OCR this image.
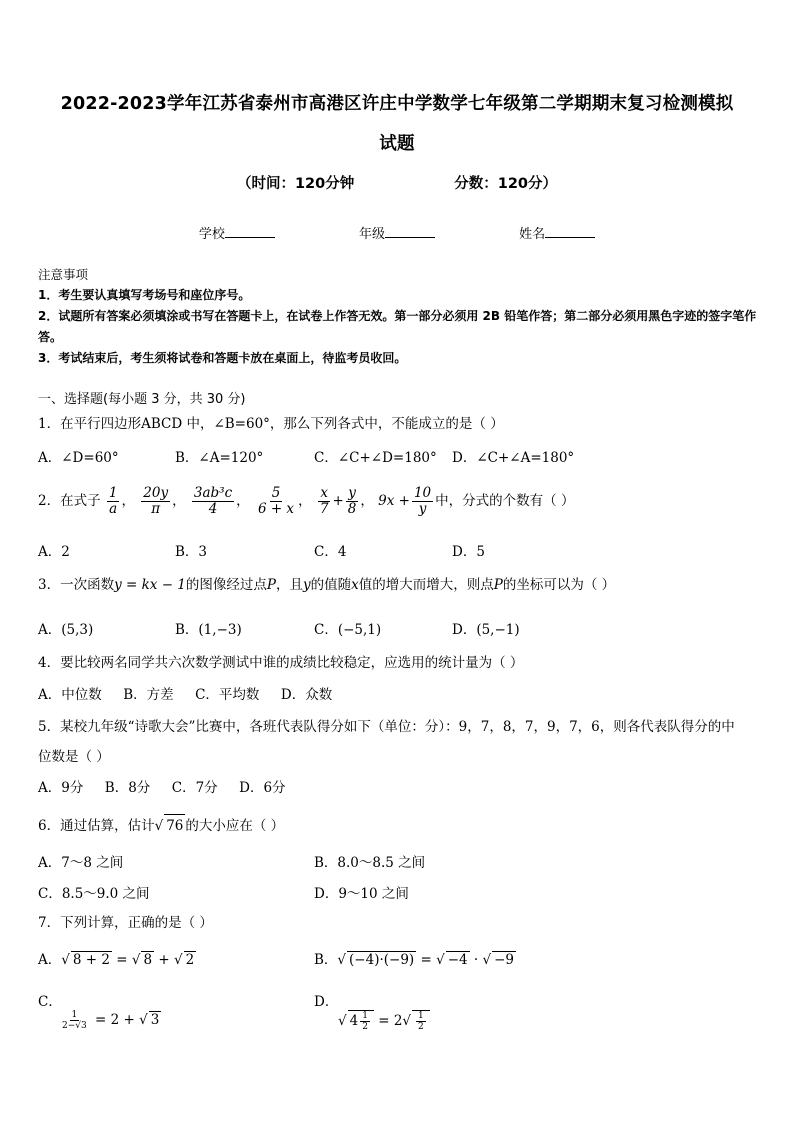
2022-2023学年江苏省泰州市高港区许庄中学数学七年级第二学期期末复习检测模拟
试题
（时间：120分钟	分数：120分）
学校	年级	姓名
注意事项
1．考生要认真填写考场号和座位序号。
2．试题所有答案必须填涂或书写在答题卡上，在试卷上作答无效。第一部分必须用 2B 铅笔作答；第二部分必须用黑色字迹的签字笔作答。
3．考试结束后，考生须将试卷和答题卡放在桌面上，待监考员收回。
一、选择题(每小题 3 分，共 30 分)
1．在平行四边形ABCD 中，∠B=60°，那么下列各式中，不能成立的是（ ）
A．∠D=60°	B．∠A=120°	C．∠C+∠D=180° D．∠C+∠A=180°
2．在式子 $\frac{1}{a}$ ， $\frac{20y}{\pi}$ ， $\frac{\text{3ab³c}}{4}$ ， $\frac{5}{6 + x}$ ， $\frac{x}{7} + \frac{y}{8}$ ， $9x + \frac{10}{y}$ 中，分式的个数有（ ）
A．2	B．3	C．4	D．5
3．一次函数y = kx − 1的图像经过点P，且y的值随x值的增大而增大，则点P的坐标可以为（ ）
A．(5,3)	B．(1,−3)	C．(−5,1)	D．(5,−1)
4．要比较两名同学共六次数学测试中谁的成绩比较稳定，应选用的统计量为（ ）
A．中位数     B．方差     C．平均数     D．众数
5．某校九年级“诗歌大会”比赛中，各班代表队得分如下（单位：分）：9，7，8，7，9，7，6，则各代表队得分的中
位数是（ ）
A．9分     B．8分     C．7分     D．6分
6．通过估算，估计√ 76 的大小应在（ ）
A．7～8 之间	B．8.0～8.5 之间
C．8.5～9.0 之间	D．9～10 之间
7．下列计算，正确的是（ ）
A．√ 8 + 2 = √ 8 + √ 2	B．√ (−4)·(−9) = √ −4 · √ −9
C．

$\frac{1}{2-√3} = 2$ + √ 3
D．
√ $4 \frac{1}{2} = 2√ \frac{1}{2}$
